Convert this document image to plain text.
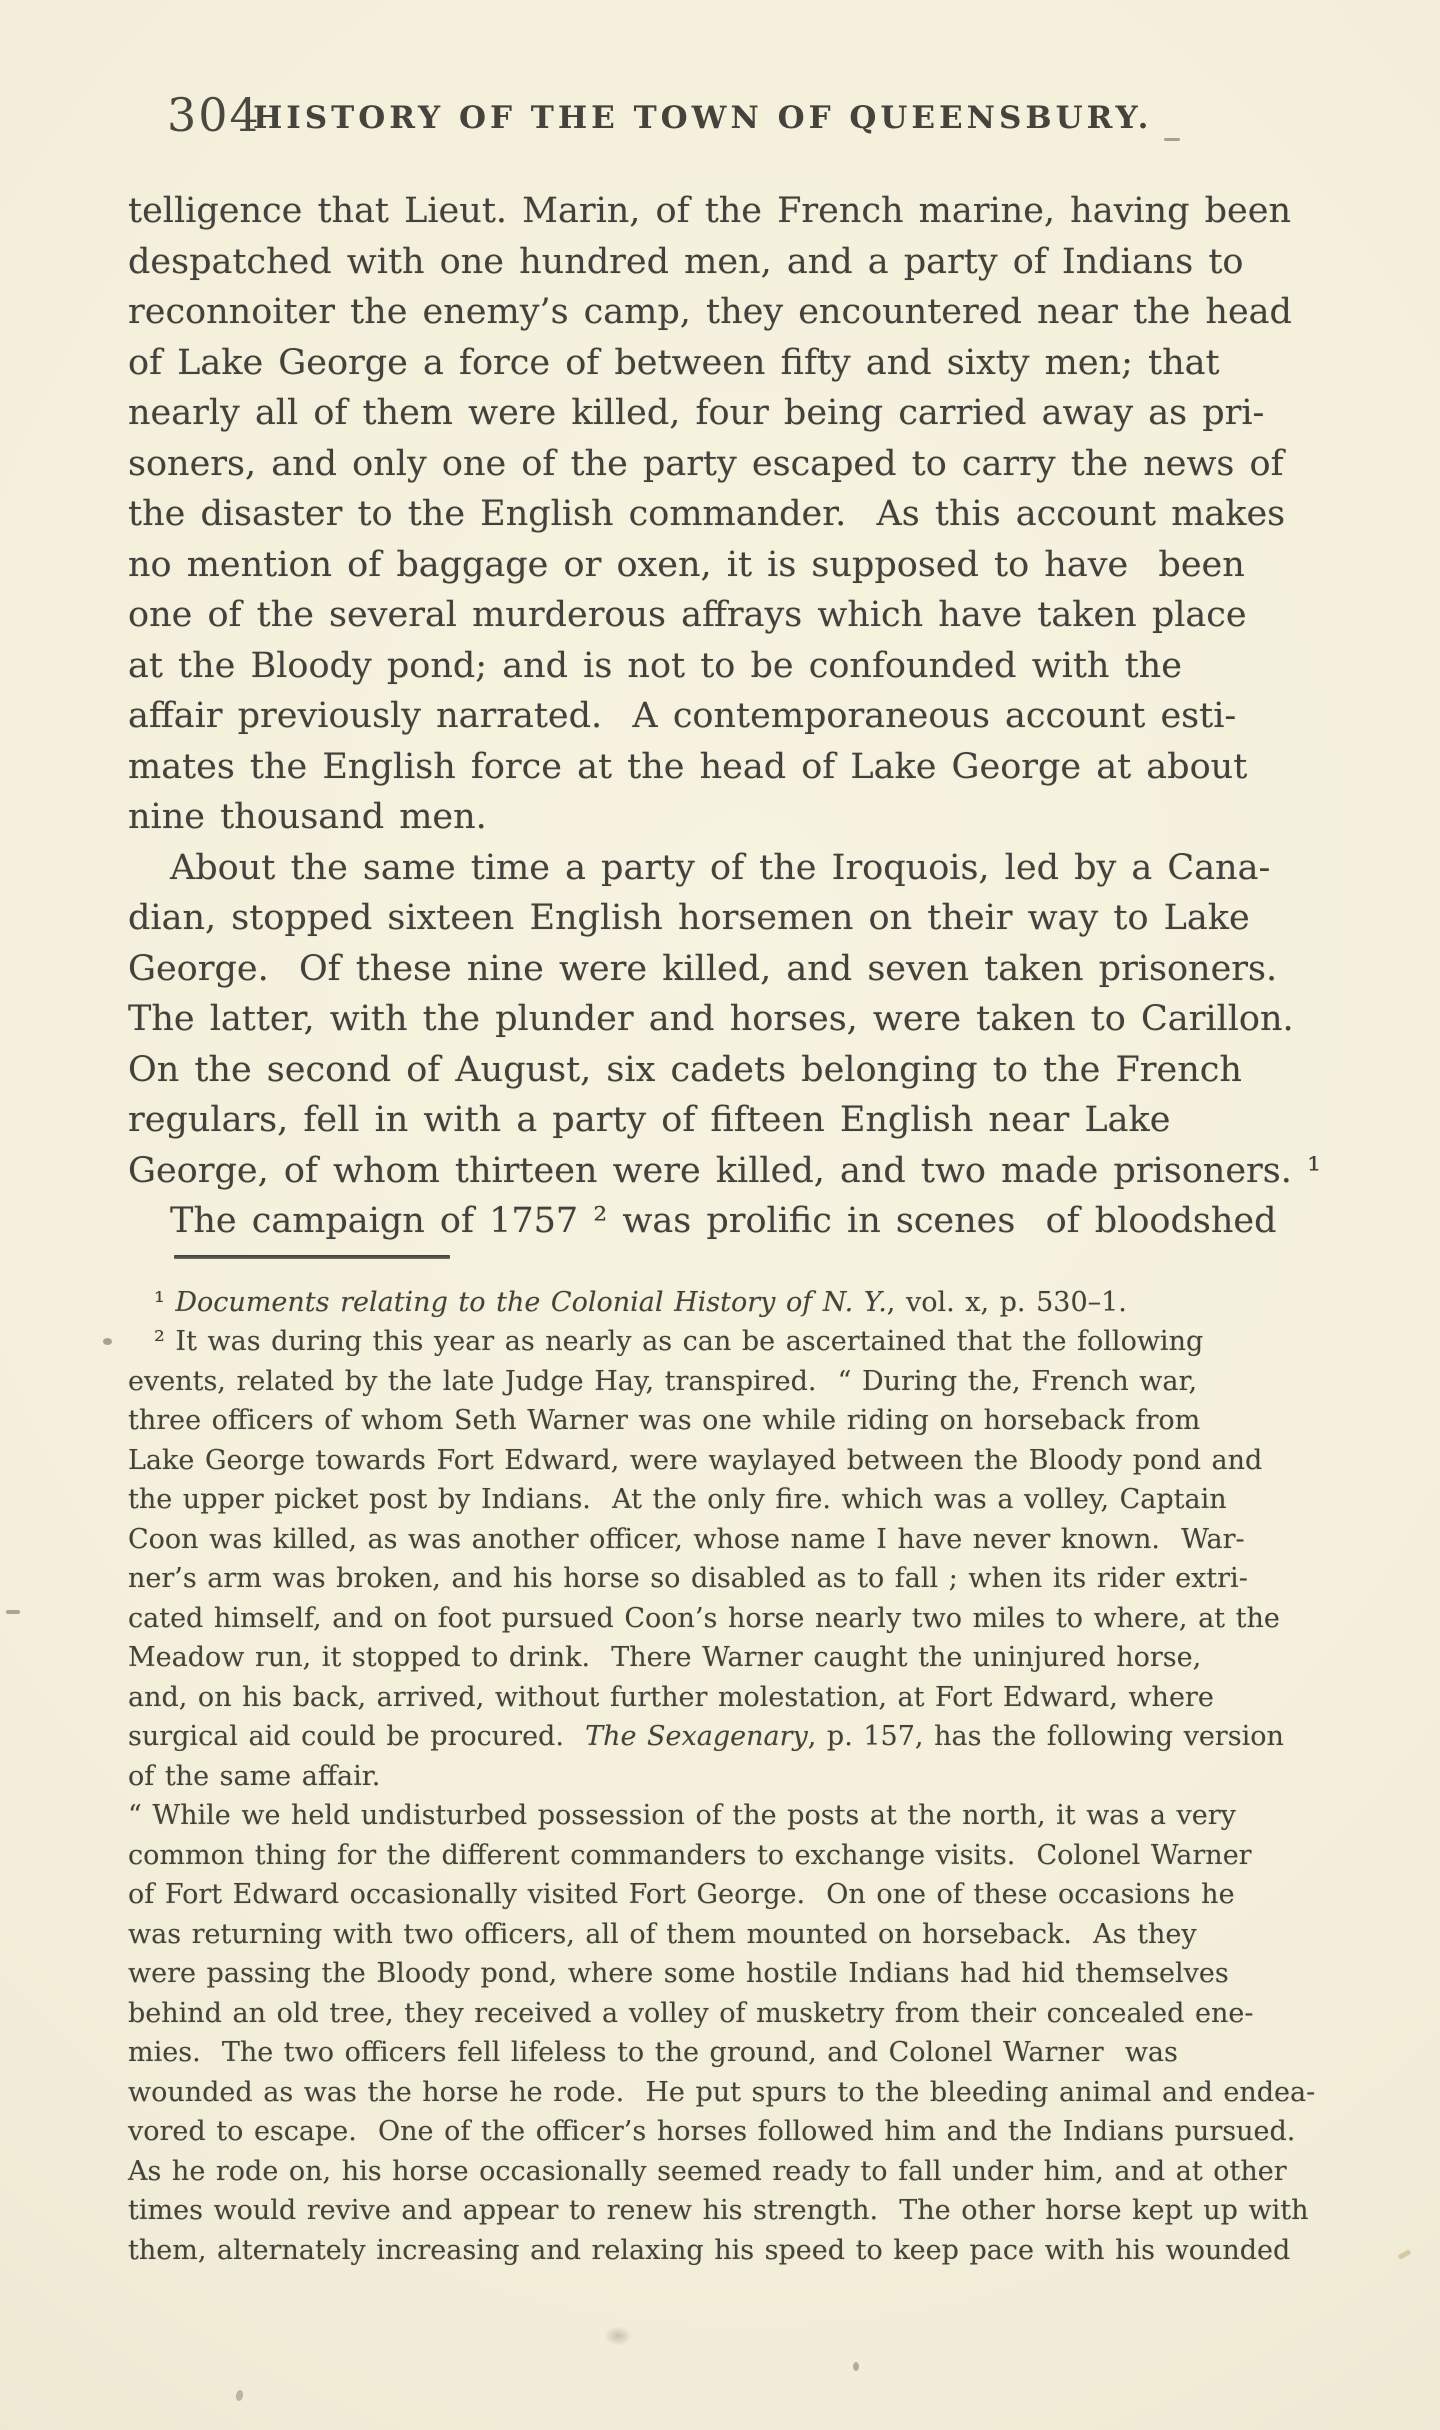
304
HISTORY OF THE TOWN OF QUEENSBURY.
telligence that Lieut. Marin, of the French marine, having been
despatched with one hundred men, and a party of Indians to
reconnoiter the enemy’s camp, they encountered near the head
of Lake George a force of between fifty and sixty men; that
nearly all of them were killed, four being carried away as pri-
soners, and only one of the party escaped to carry the news of
the disaster to the English commander.  As this account makes
no mention of baggage or oxen, it is supposed to have  been
one of the several murderous affrays which have taken place
at the Bloody pond; and is not to be confounded with the
affair previously narrated.  A contemporaneous account esti-
mates the English force at the head of Lake George at about
nine thousand men.
About the same time a party of the Iroquois, led by a Cana-
dian, stopped sixteen English horsemen on their way to Lake
George.  Of these nine were killed, and seven taken prisoners.
The latter, with the plunder and horses, were taken to Carillon.
On the second of August, six cadets belonging to the French
regulars, fell in with a party of fifteen English near Lake
George, of whom thirteen were killed, and two made prisoners. ¹
The campaign of 1757 ² was prolific in scenes  of bloodshed
¹ Documents relating to the Colonial History of N. Y., vol. x, p. 530–1.
² It was during this year as nearly as can be ascertained that the following
events, related by the late Judge Hay, transpired.  “ During the, French war,
three officers of whom Seth Warner was one while riding on horseback from
Lake George towards Fort Edward, were waylayed between the Bloody pond and
the upper picket post by Indians.  At the only fire. which was a volley, Captain
Coon was killed, as was another officer, whose name I have never known.  War-
ner’s arm was broken, and his horse so disabled as to fall ; when its rider extri-
cated himself, and on foot pursued Coon’s horse nearly two miles to where, at the
Meadow run, it stopped to drink.  There Warner caught the uninjured horse,
and, on his back, arrived, without further molestation, at Fort Edward, where
surgical aid could be procured.  The Sexagenary, p. 157, has the following version
of the same affair.
“ While we held undisturbed possession of the posts at the north, it was a very
common thing for the different commanders to exchange visits.  Colonel Warner
of Fort Edward occasionally visited Fort George.  On one of these occasions he
was returning with two officers, all of them mounted on horseback.  As they
were passing the Bloody pond, where some hostile Indians had hid themselves
behind an old tree, they received a volley of musketry from their concealed ene-
mies.  The two officers fell lifeless to the ground, and Colonel Warner  was
wounded as was the horse he rode.  He put spurs to the bleeding animal and endea-
vored to escape.  One of the officer’s horses followed him and the Indians pursued.
As he rode on, his horse occasionally seemed ready to fall under him, and at other
times would revive and appear to renew his strength.  The other horse kept up with
them, alternately increasing and relaxing his speed to keep pace with his wounded
